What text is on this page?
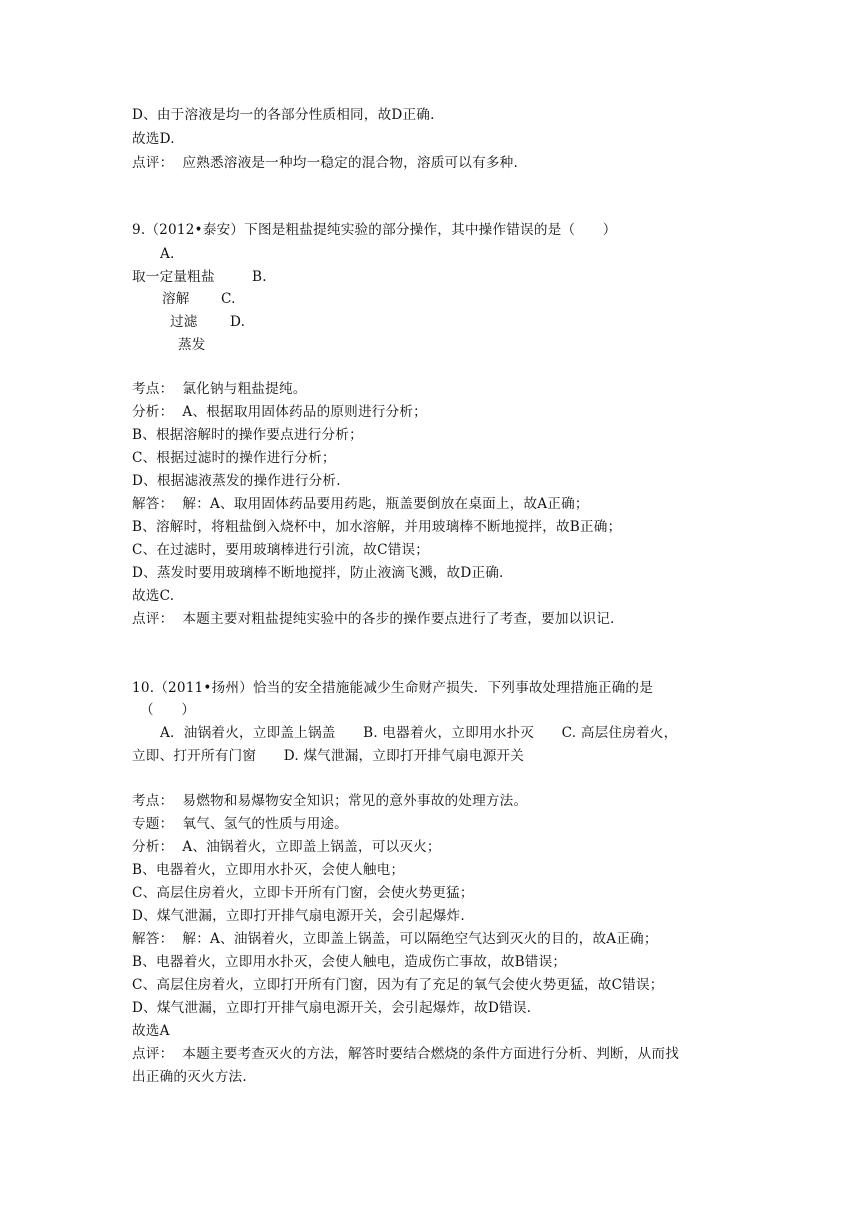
D、由于溶液是均一的各部分性质相同，故D正确.
故选D.
点评：  应熟悉溶液是一种均一稳定的混合物，溶质可以有多种.
9.（2012•泰安）下图是粗盐提纯实验的部分操作，其中操作错误的是（　　）
A.
取一定量粗盐	B.
溶解 C.
过滤 D.
蒸发
考点：  氯化钠与粗盐提纯。
分析：  A、根据取用固体药品的原则进行分析；
B、根据溶解时的操作要点进行分析；
C、根据过滤时的操作进行分析；
D、根据滤液蒸发的操作进行分析.
解答：  解：A、取用固体药品要用药匙，瓶盖要倒放在桌面上，故A正确；
B、溶解时，将粗盐倒入烧杯中，加水溶解，并用玻璃棒不断地搅拌，故B正确；
C、在过滤时，要用玻璃棒进行引流，故C错误；
D、蒸发时要用玻璃棒不断地搅拌，防止液滴飞溅，故D正确.
故选C.
点评：  本题主要对粗盐提纯实验中的各步的操作要点进行了考查，要加以识记.
10.（2011•扬州）恰当的安全措施能减少生命财产损失．下列事故处理措施正确的是
（　　）
A．油锅着火，立即盖上锅盖　　B. 电器着火，立即用水扑灭　　C. 高层住房着火，
立即、打开所有门窗　　D. 煤气泄漏，立即打开排气扇电源开关
考点：  易燃物和易爆物安全知识；常见的意外事故的处理方法。
专题：  氧气、氢气的性质与用途。
分析：  A、油锅着火，立即盖上锅盖，可以灭火；
B、电器着火，立即用水扑灭，会使人触电；
C、高层住房着火，立即卡开所有门窗，会使火势更猛；
D、煤气泄漏，立即打开排气扇电源开关，会引起爆炸.
解答：  解：A、油锅着火，立即盖上锅盖，可以隔绝空气达到灭火的目的，故A正确；
B、电器着火，立即用水扑灭，会使人触电，造成伤亡事故，故B错误；
C、高层住房着火，立即打开所有门窗，因为有了充足的氧气会使火势更猛，故C错误；
D、煤气泄漏，立即打开排气扇电源开关，会引起爆炸，故D错误.
故选A
点评：  本题主要考查灭火的方法，解答时要结合燃烧的条件方面进行分析、判断，从而找
出正确的灭火方法.
